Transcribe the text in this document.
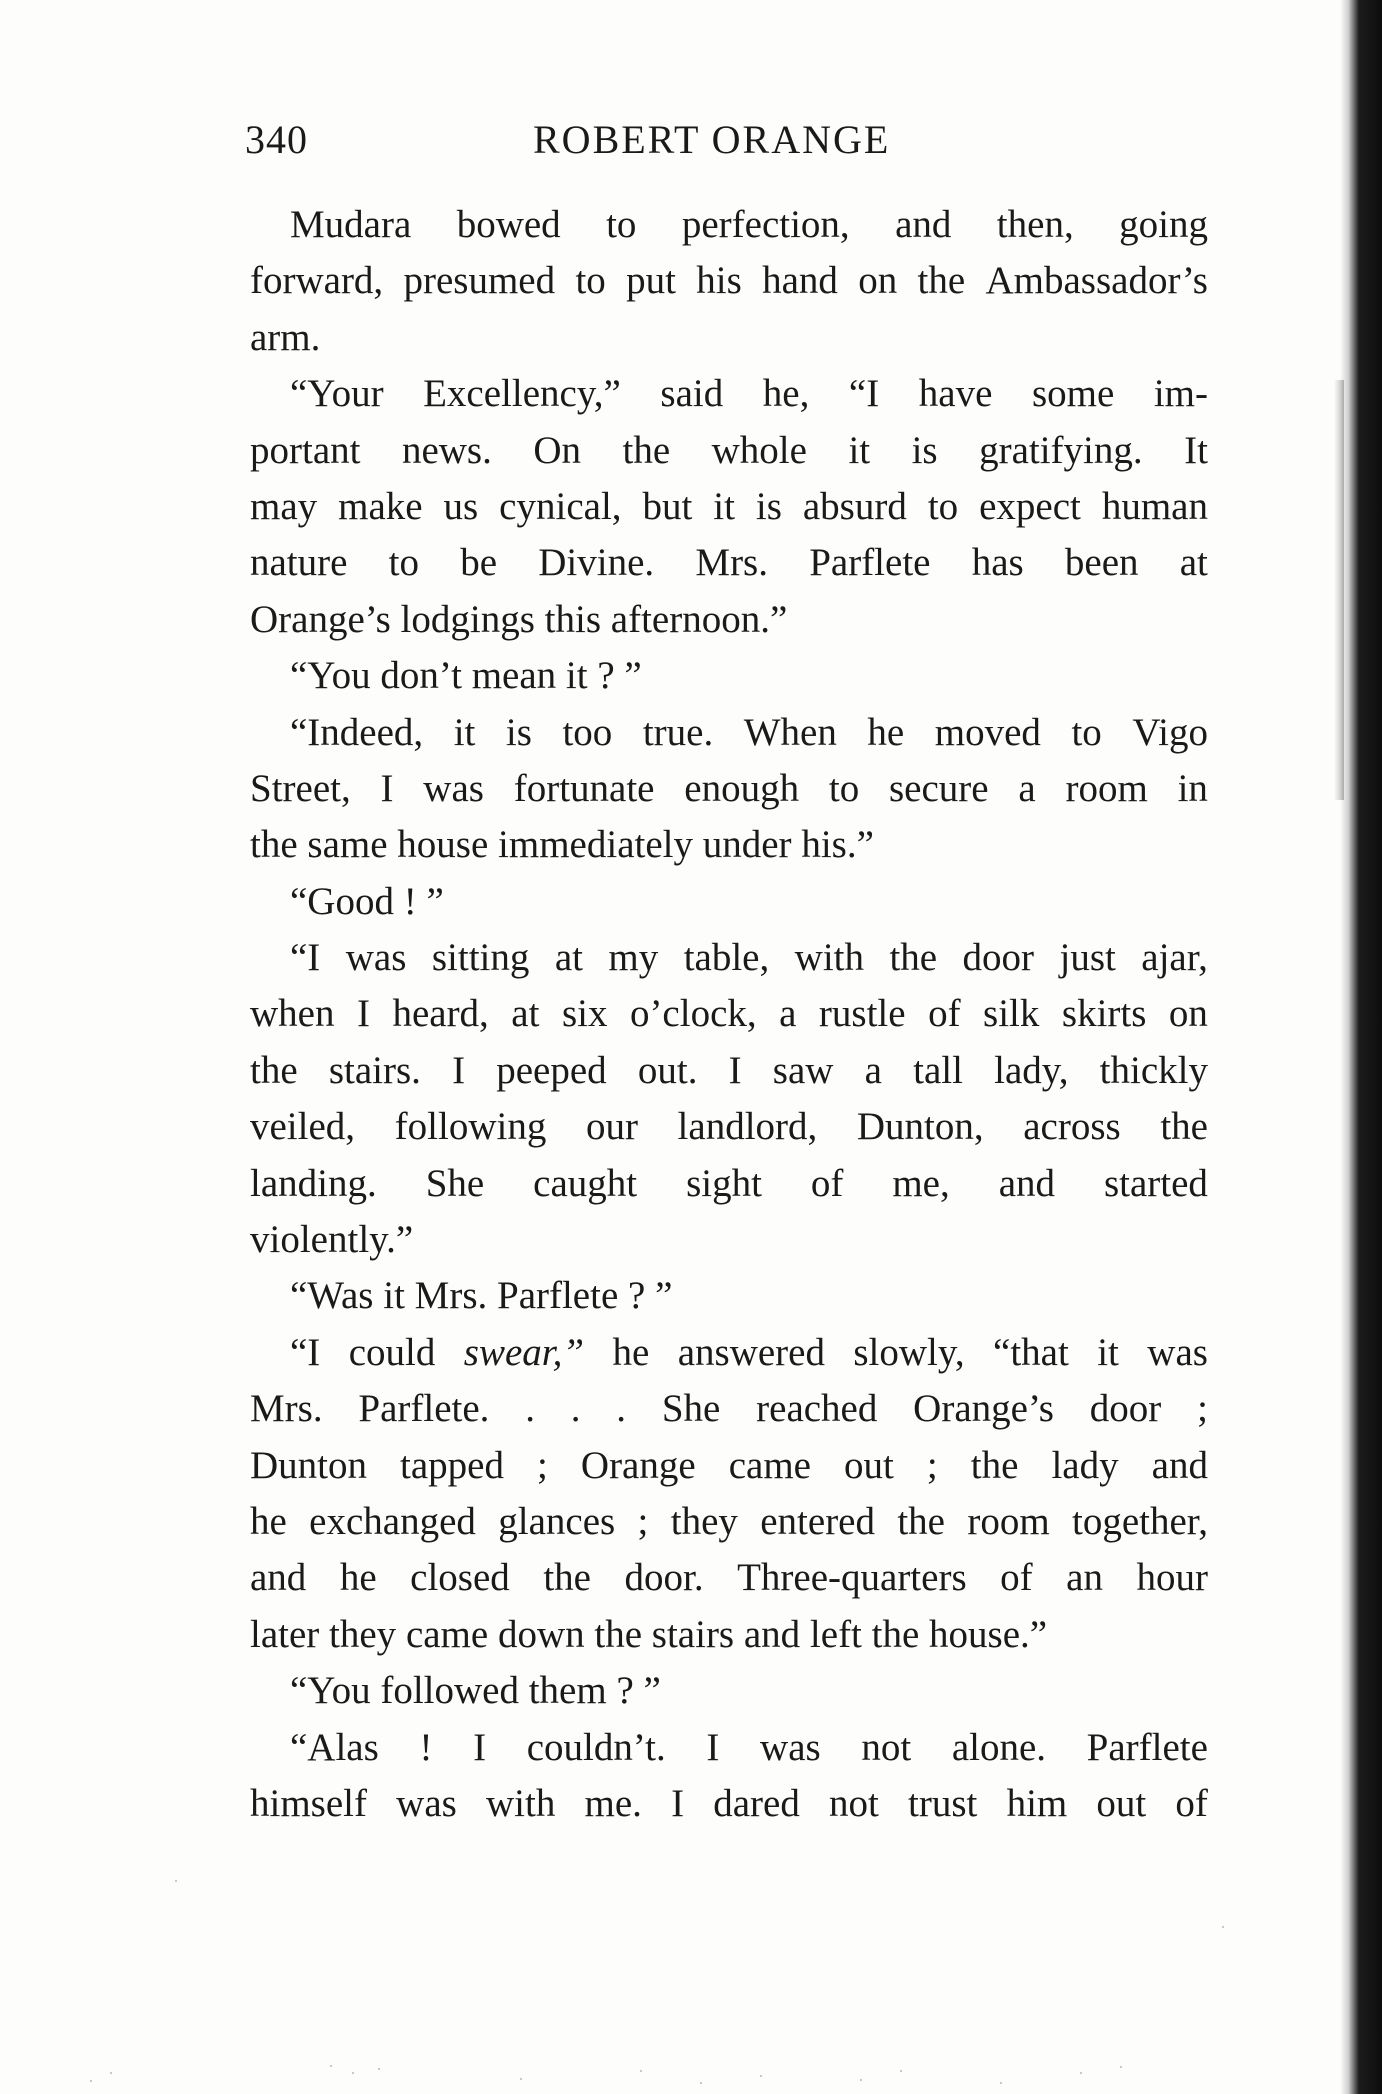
340	ROBERT ORANGE
Mudara bowed to perfection, and then, going
forward, presumed to put his hand on the Ambassador’s
arm.
“Your Excellency,” said he, “I have some im-
portant news. On the whole it is gratifying. It
may make us cynical, but it is absurd to expect human
nature to be Divine. Mrs. Parflete has been at
Orange’s lodgings this afternoon.”
“You don’t mean it ? ”
“Indeed, it is too true. When he moved to Vigo
Street, I was fortunate enough to secure a room in
the same house immediately under his.”
“Good ! ”
“I was sitting at my table, with the door just ajar,
when I heard, at six o’clock, a rustle of silk skirts on
the stairs. I peeped out. I saw a tall lady, thickly
veiled, following our landlord, Dunton, across the
landing. She caught sight of me, and started
violently.”
“Was it Mrs. Parflete ? ”
“I could swear,” he answered slowly, “that it was
Mrs. Parflete. . . . She reached Orange’s door ;
Dunton tapped ; Orange came out ; the lady and
he exchanged glances ; they entered the room together,
and he closed the door. Three-quarters of an hour
later they came down the stairs and left the house.”
“You followed them ? ”
“Alas ! I couldn’t. I was not alone. Parflete
himself was with me. I dared not trust him out of
